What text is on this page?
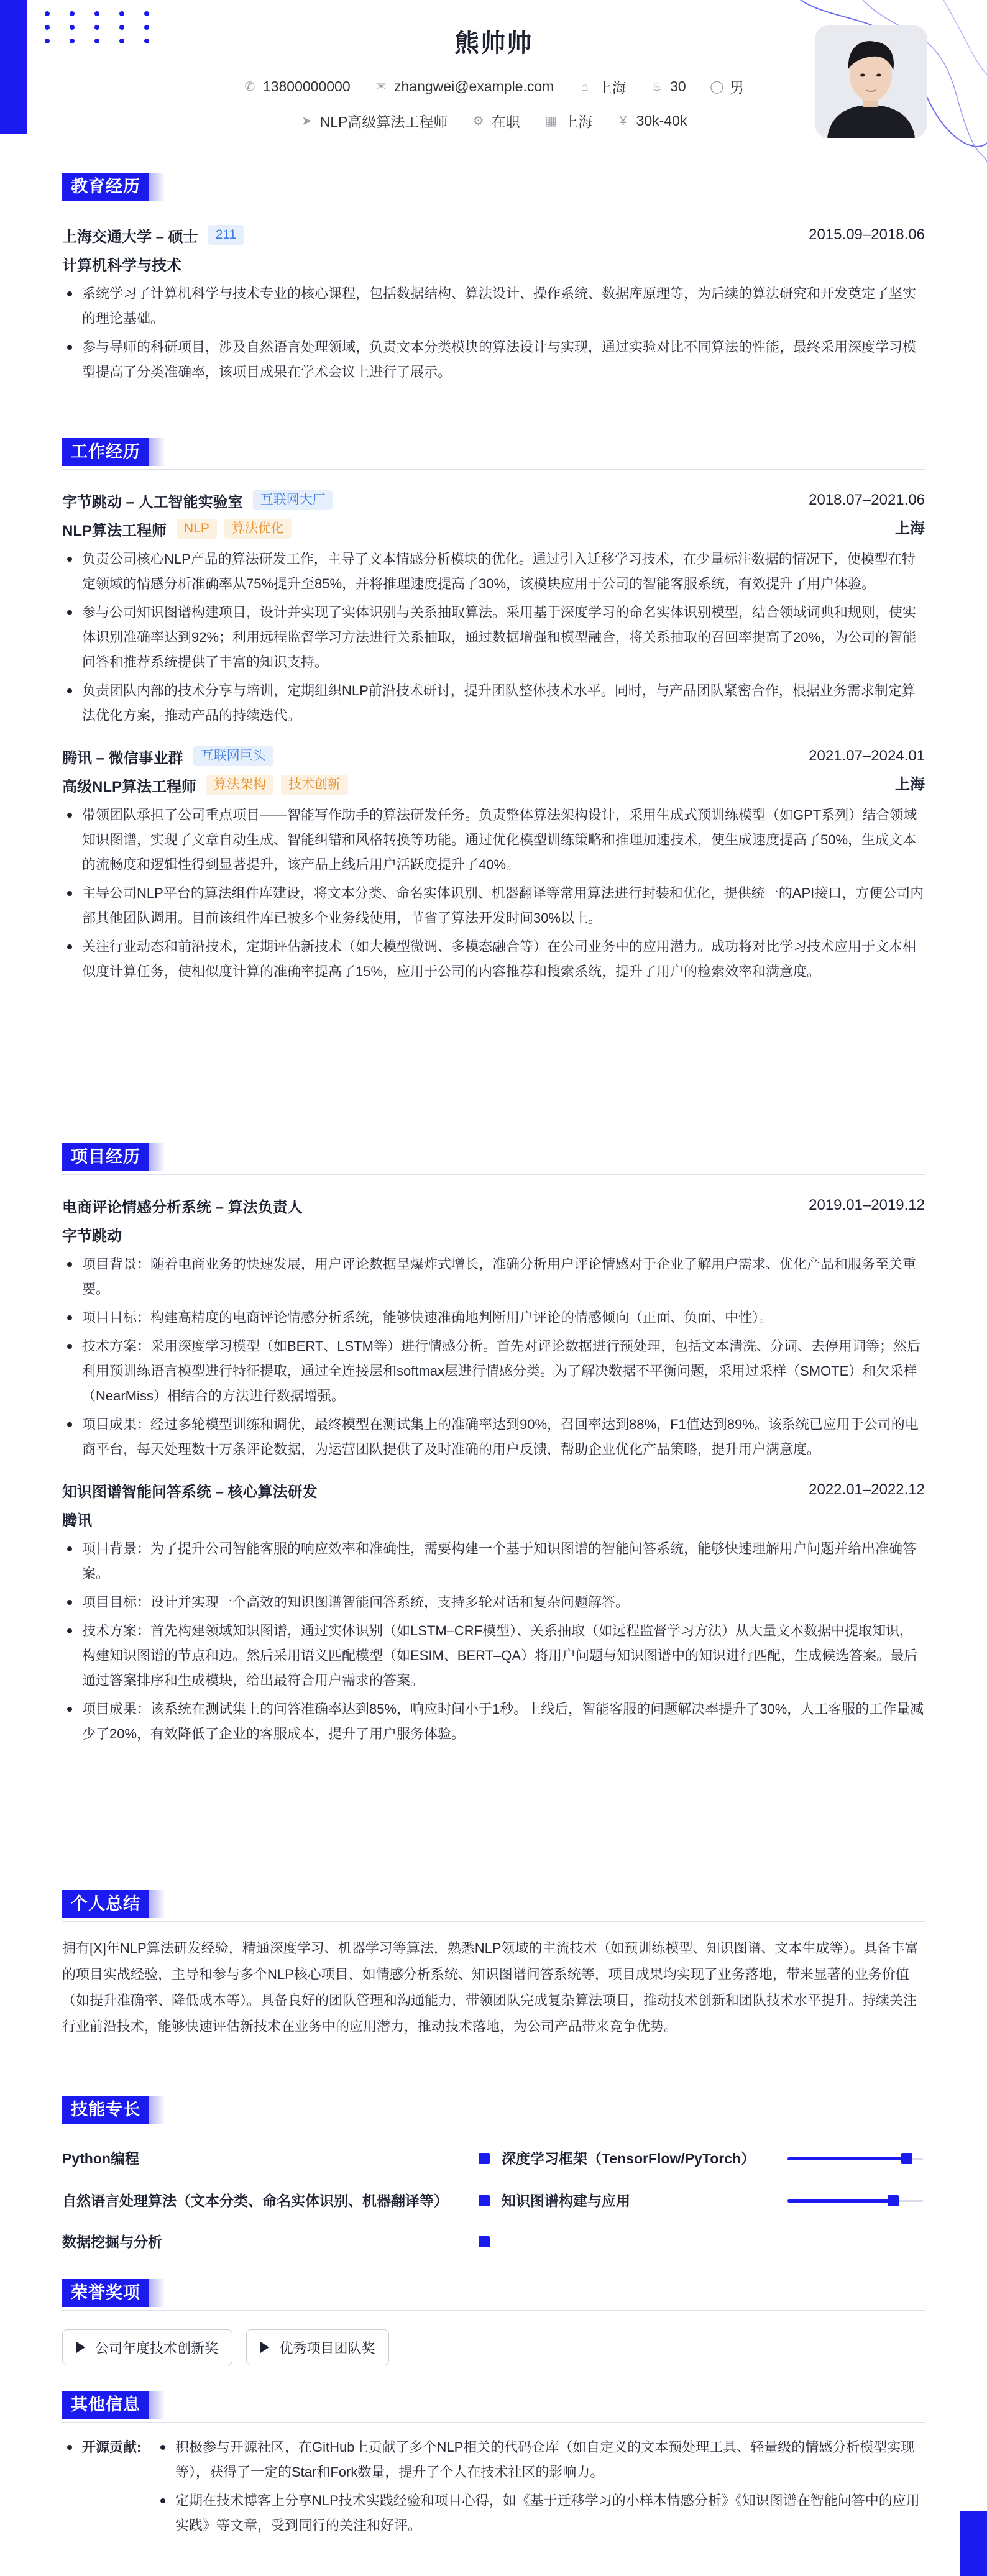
熊帅帅
✆ 13800000000
✉ zhangwei@example.com
⌂ 上海
♨ 30
◯ 男
➤ NLP高级算法工程师
⚙ 在职
▦ 上海
¥ 30k-40k
教育经历
上海交通大学 – 硕士	211	2015.09–2018.06
计算机科学与技术
系统学习了计算机科学与技术专业的核心课程，包括数据结构、算法设计、操作系统、数据库原理等，为后续的算法研究和开发奠定了坚实的理论基础。
参与导师的科研项目，涉及自然语言处理领域，负责文本分类模块的算法设计与实现，通过实验对比不同算法的性能，最终采用深度学习模型提高了分类准确率，该项目成果在学术会议上进行了展示。
工作经历
字节跳动 – 人工智能实验室	互联网大厂	2018.07–2021.06
NLP算法工程师	NLP	算法优化	上海
负责公司核心NLP产品的算法研发工作，主导了文本情感分析模块的优化。通过引入迁移学习技术，在少量标注数据的情况下，使模型在特定领域的情感分析准确率从75%提升至85%，并将推理速度提高了30%，该模块应用于公司的智能客服系统，有效提升了用户体验。
参与公司知识图谱构建项目，设计并实现了实体识别与关系抽取算法。采用基于深度学习的命名实体识别模型，结合领域词典和规则，使实体识别准确率达到92%；利用远程监督学习方法进行关系抽取，通过数据增强和模型融合，将关系抽取的召回率提高了20%，为公司的智能问答和推荐系统提供了丰富的知识支持。
负责团队内部的技术分享与培训，定期组织NLP前沿技术研讨，提升团队整体技术水平。同时，与产品团队紧密合作，根据业务需求制定算法优化方案，推动产品的持续迭代。
腾讯 – 微信事业群	互联网巨头	2021.07–2024.01
高级NLP算法工程师	算法架构	技术创新	上海
带领团队承担了公司重点项目——智能写作助手的算法研发任务。负责整体算法架构设计，采用生成式预训练模型（如GPT系列）结合领域知识图谱，实现了文章自动生成、智能纠错和风格转换等功能。通过优化模型训练策略和推理加速技术，使生成速度提高了50%，生成文本的流畅度和逻辑性得到显著提升，该产品上线后用户活跃度提升了40%。
主导公司NLP平台的算法组件库建设，将文本分类、命名实体识别、机器翻译等常用算法进行封装和优化，提供统一的API接口，方便公司内部其他团队调用。目前该组件库已被多个业务线使用，节省了算法开发时间30%以上。
关注行业动态和前沿技术，定期评估新技术（如大模型微调、多模态融合等）在公司业务中的应用潜力。成功将对比学习技术应用于文本相似度计算任务，使相似度计算的准确率提高了15%，应用于公司的内容推荐和搜索系统，提升了用户的检索效率和满意度。
项目经历
电商评论情感分析系统 – 算法负责人	2019.01–2019.12
字节跳动
项目背景：随着电商业务的快速发展，用户评论数据呈爆炸式增长，准确分析用户评论情感对于企业了解用户需求、优化产品和服务至关重要。
项目目标：构建高精度的电商评论情感分析系统，能够快速准确地判断用户评论的情感倾向（正面、负面、中性）。
技术方案：采用深度学习模型（如BERT、LSTM等）进行情感分析。首先对评论数据进行预处理，包括文本清洗、分词、去停用词等；然后利用预训练语言模型进行特征提取，通过全连接层和softmax层进行情感分类。为了解决数据不平衡问题，采用过采样（SMOTE）和欠采样（NearMiss）相结合的方法进行数据增强。
项目成果：经过多轮模型训练和调优，最终模型在测试集上的准确率达到90%，召回率达到88%，F1值达到89%。该系统已应用于公司的电商平台，每天处理数十万条评论数据，为运营团队提供了及时准确的用户反馈，帮助企业优化产品策略，提升用户满意度。
知识图谱智能问答系统 – 核心算法研发	2022.01–2022.12
腾讯
项目背景：为了提升公司智能客服的响应效率和准确性，需要构建一个基于知识图谱的智能问答系统，能够快速理解用户问题并给出准确答案。
项目目标：设计并实现一个高效的知识图谱智能问答系统，支持多轮对话和复杂问题解答。
技术方案：首先构建领域知识图谱，通过实体识别（如LSTM–CRF模型）、关系抽取（如远程监督学习方法）从大量文本数据中提取知识，构建知识图谱的节点和边。然后采用语义匹配模型（如ESIM、BERT–QA）将用户问题与知识图谱中的知识进行匹配，生成候选答案。最后通过答案排序和生成模块，给出最符合用户需求的答案。
项目成果：该系统在测试集上的问答准确率达到85%，响应时间小于1秒。上线后，智能客服的问题解决率提升了30%，人工客服的工作量减少了20%，有效降低了企业的客服成本，提升了用户服务体验。
个人总结
拥有[X]年NLP算法研发经验，精通深度学习、机器学习等算法，熟悉NLP领域的主流技术（如预训练模型、知识图谱、文本生成等）。具备丰富的项目实战经验，主导和参与多个NLP核心项目，如情感分析系统、知识图谱问答系统等，项目成果均实现了业务落地，带来显著的业务价值（如提升准确率、降低成本等）。具备良好的团队管理和沟通能力，带领团队完成复杂算法项目，推动技术创新和团队技术水平提升。持续关注行业前沿技术，能够快速评估新技术在业务中的应用潜力，推动技术落地，为公司产品带来竞争优势。
技能专长
Python编程	深度学习框架（TensorFlow/PyTorch）
自然语言处理算法（文本分类、命名实体识别、机器翻译等）	知识图谱构建与应用
数据挖掘与分析
荣誉奖项
公司年度技术创新奖
	优秀项目团队奖
其他信息
开源贡献:	积极参与开源社区，在GitHub上贡献了多个NLP相关的代码仓库（如自定义的文本预处理工具、轻量级的情感分析模型实现等），获得了一定的Star和Fork数量，提升了个人在技术社区的影响力。
定期在技术博客上分享NLP技术实践经验和项目心得，如《基于迁移学习的小样本情感分析》《知识图谱在智能问答中的应用实践》等文章，受到同行的关注和好评。
